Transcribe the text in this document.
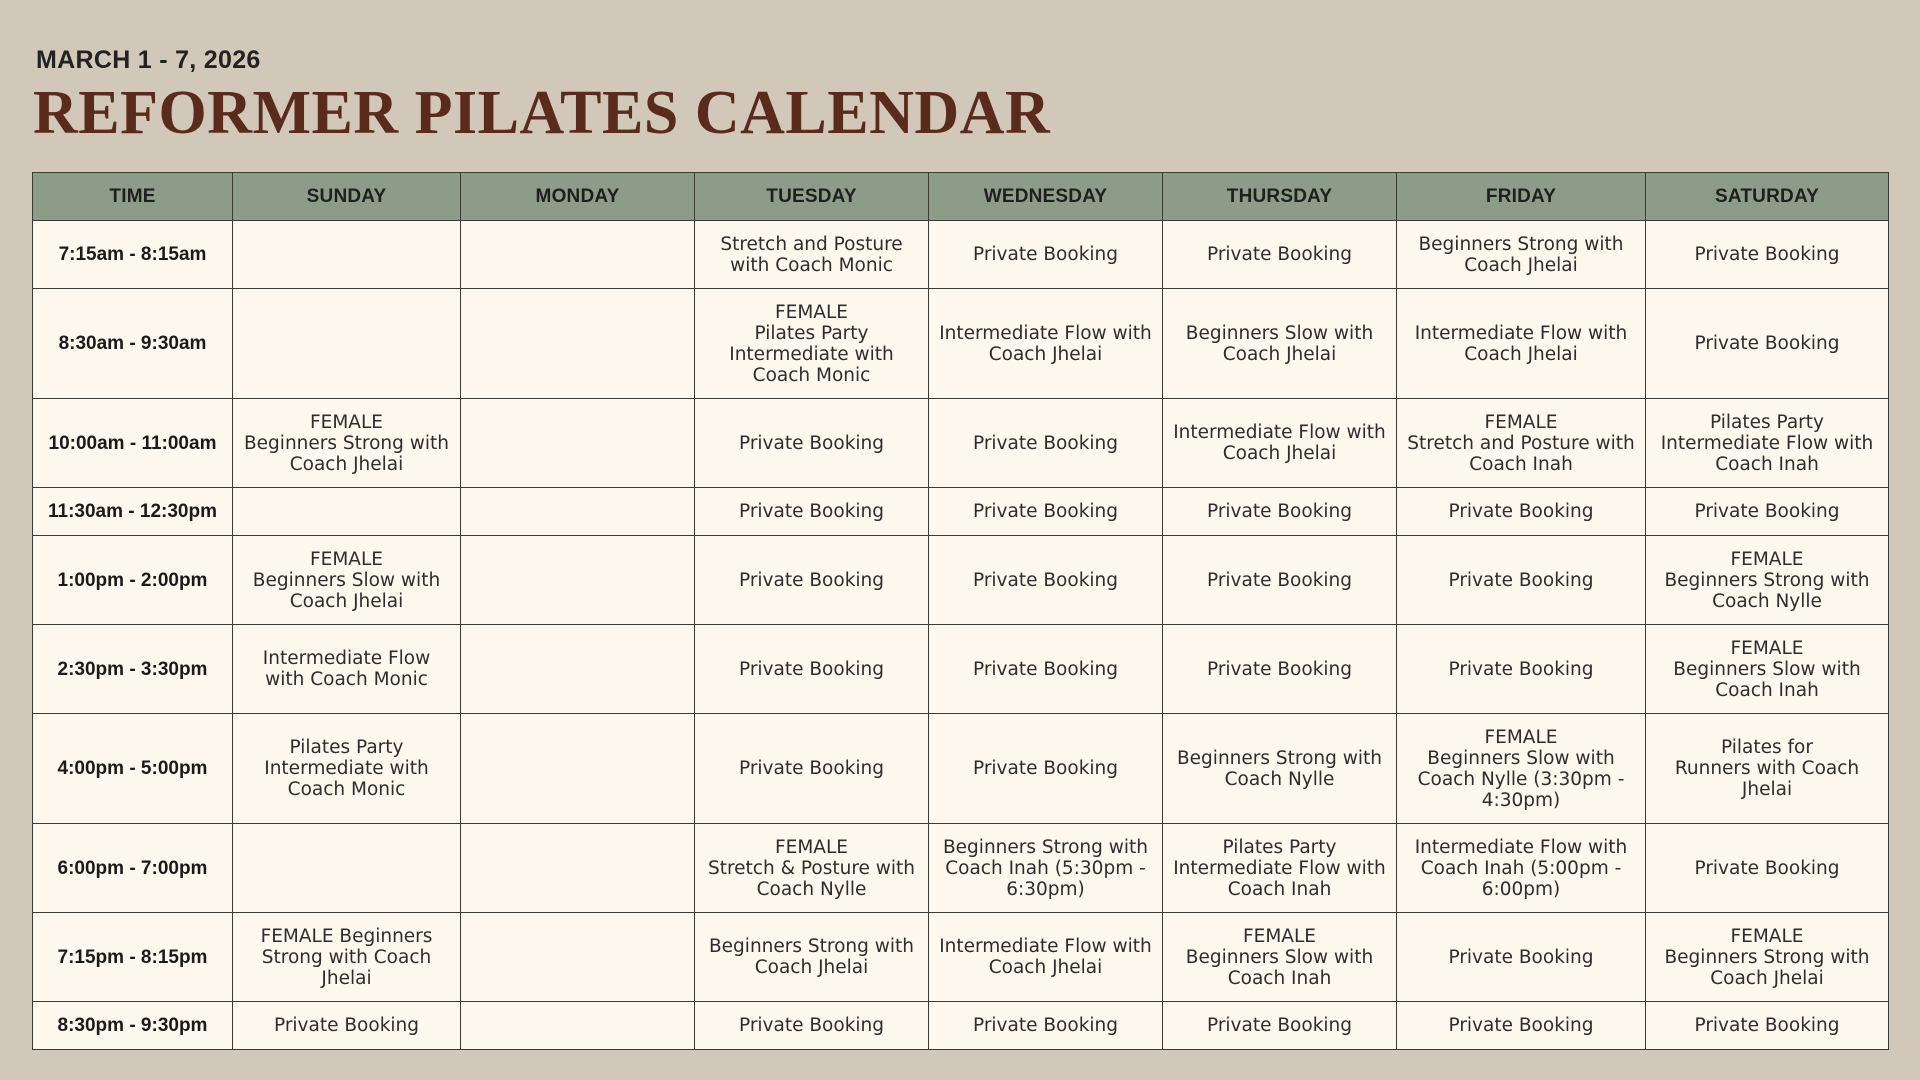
MARCH 1 - 7, 2026
REFORMER PILATES CALENDAR
TIME	SUNDAY	MONDAY	TUESDAY	WEDNESDAY	THURSDAY	FRIDAY	SATURDAY
7:15am - 8:15am			Stretch and Posture
with Coach Monic	Private Booking	Private Booking	Beginners Strong with
Coach Jhelai	Private Booking
8:30am - 9:30am			FEMALE
Pilates Party
Intermediate with
Coach Monic	Intermediate Flow with
Coach Jhelai	Beginners Slow with
Coach Jhelai	Intermediate Flow with
Coach Jhelai	Private Booking
10:00am - 11:00am	FEMALE
Beginners Strong with
Coach Jhelai		Private Booking	Private Booking	Intermediate Flow with
Coach Jhelai	FEMALE
Stretch and Posture with
Coach Inah	Pilates Party
Intermediate Flow with
Coach Inah
11:30am - 12:30pm			Private Booking	Private Booking	Private Booking	Private Booking	Private Booking
1:00pm - 2:00pm	FEMALE
Beginners Slow with
Coach Jhelai		Private Booking	Private Booking	Private Booking	Private Booking	FEMALE
Beginners Strong with
Coach Nylle
2:30pm - 3:30pm	Intermediate Flow
with Coach Monic		Private Booking	Private Booking	Private Booking	Private Booking	FEMALE
Beginners Slow with
Coach Inah
4:00pm - 5:00pm	Pilates Party
Intermediate with
Coach Monic		Private Booking	Private Booking	Beginners Strong with
Coach Nylle	FEMALE
Beginners Slow with
Coach Nylle (3:30pm -
4:30pm)	Pilates for
Runners with Coach
Jhelai
6:00pm - 7:00pm			FEMALE
Stretch & Posture with
Coach Nylle	Beginners Strong with
Coach Inah (5:30pm -
6:30pm)	Pilates Party
Intermediate Flow with
Coach Inah	Intermediate Flow with
Coach Inah (5:00pm -
6:00pm)	Private Booking
7:15pm - 8:15pm	FEMALE Beginners
Strong with Coach
Jhelai		Beginners Strong with
Coach Jhelai	Intermediate Flow with
Coach Jhelai	FEMALE
Beginners Slow with
Coach Inah	Private Booking	FEMALE
Beginners Strong with
Coach Jhelai
8:30pm - 9:30pm	Private Booking		Private Booking	Private Booking	Private Booking	Private Booking	Private Booking
